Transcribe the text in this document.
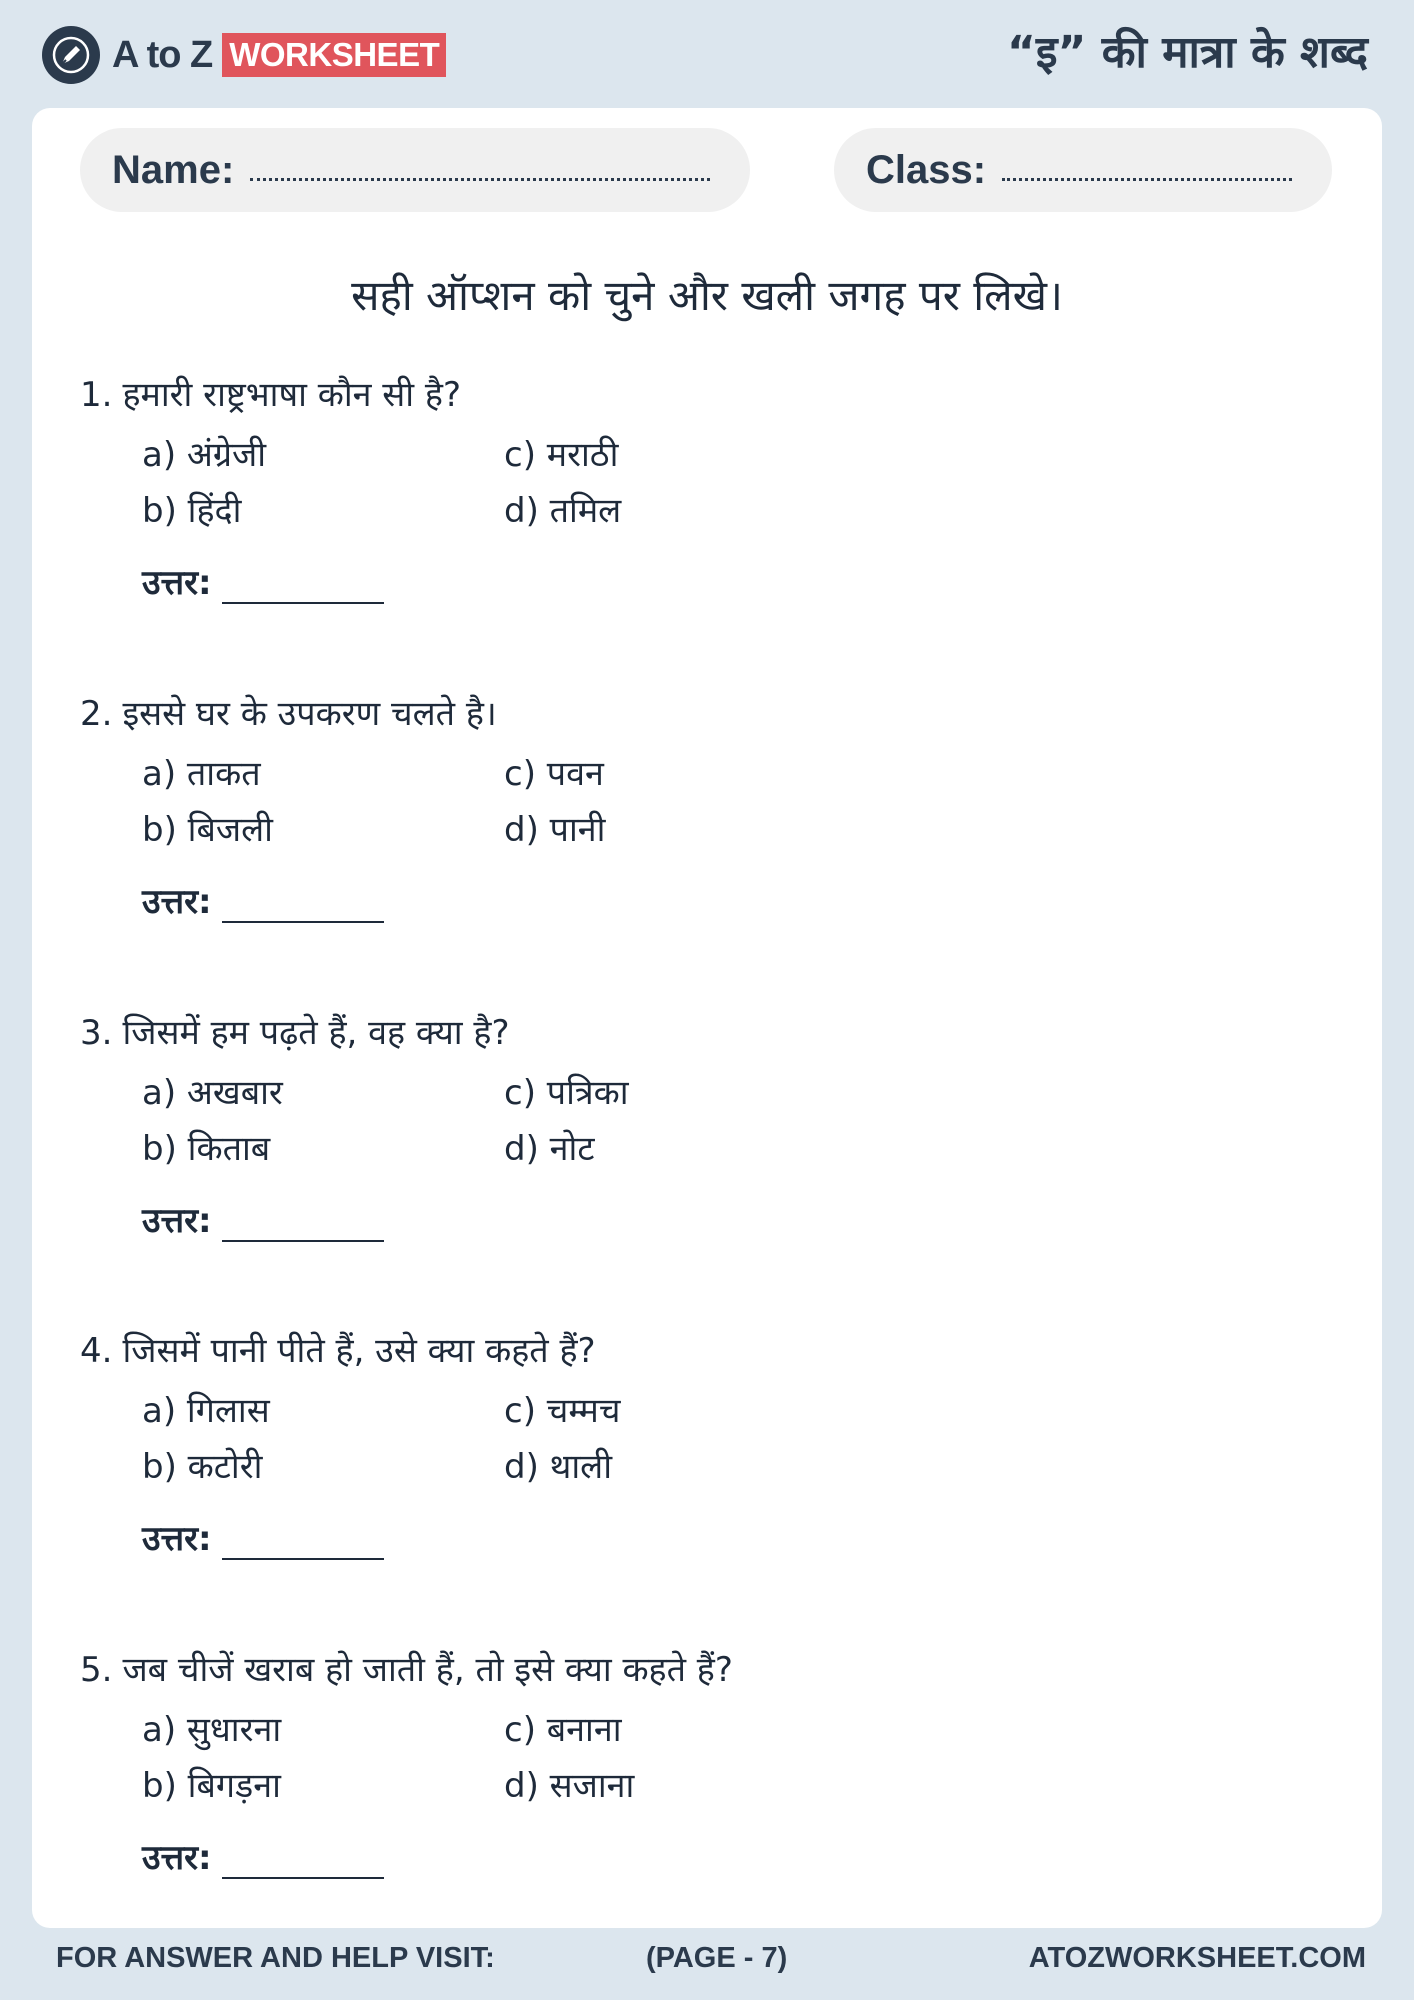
A to Z WORKSHEET	“इ” की मात्रा के शब्द
Name:	Class:
सही ऑप्शन को चुने और खली जगह पर लिखे।
1. हमारी राष्ट्रभाषा कौन सी है?
a) अंग्रेजी
b) हिंदी
c) मराठी
d) तमिल
उत्तर:
2. इससे घर के उपकरण चलते है।
a) ताकत
b) बिजली
c) पवन
d) पानी
उत्तर:
3. जिसमें हम पढ़ते हैं, वह क्या है?
a) अखबार
b) किताब
c) पत्रिका
d) नोट
उत्तर:
4. जिसमें पानी पीते हैं, उसे क्या कहते हैं?
a) गिलास
b) कटोरी
c) चम्मच
d) थाली
उत्तर:
5. जब चीजें खराब हो जाती हैं, तो इसे क्या कहते हैं?
a) सुधारना
b) बिगड़ना
c) बनाना
d) सजाना
उत्तर:
FOR ANSWER AND HELP VISIT:	(PAGE - 7)	ATOZWORKSHEET.COM
